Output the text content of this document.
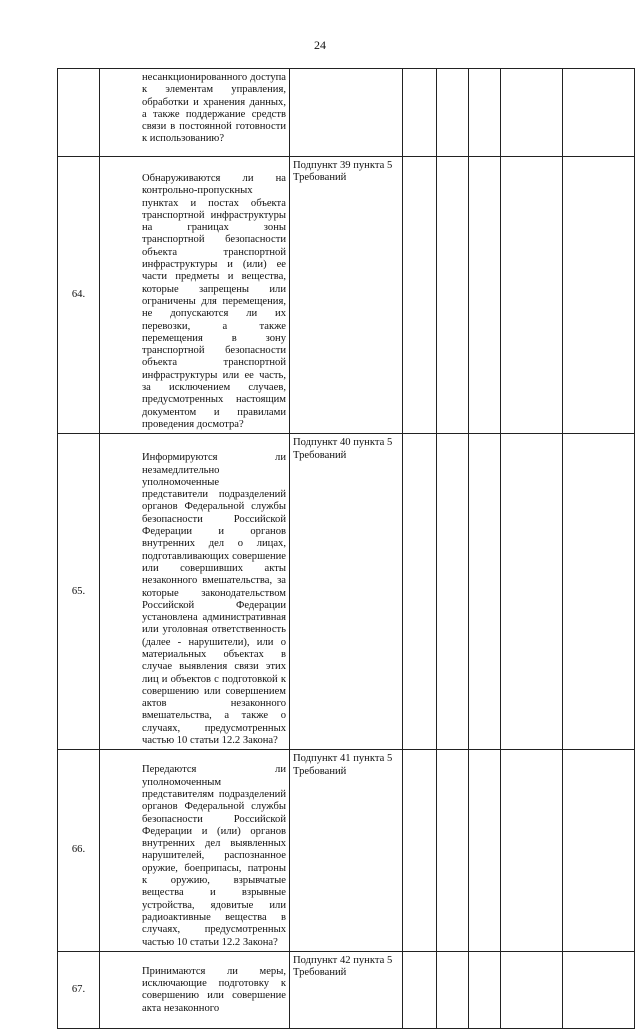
24
	несанкционированного доступа к элементам управления, обработки и хранения данных, а также поддержание средств связи в постоянной готовности к использованию?						
64.	Обнаруживаются ли на контрольно-пропускных пунктах и постах объекта транспортной инфраструктуры на границах зоны транспортной безопасности объекта транспортной инфраструктуры и (или) ее части предметы и вещества, которые запрещены или ограничены для перемещения, не допускаются ли их перевозки, а также перемещения в зону транспортной безопасности объекта транспортной инфраструктуры или ее часть, за исключением случаев, предусмотренных настоящим документом и правилами проведения досмотра?	Подпункт 39 пункта 5 Требований					
65.	Информируются ли незамедлительно уполномоченные представители подразделений органов Федеральной службы безопасности Российской Федерации и органов внутренних дел о лицах, подготавливающих совершение или совершивших акты незаконного вмешательства, за которые законодательством Российской Федерации установлена административная или уголовная ответственность (далее - нарушители), или о материальных объектах в случае выявления связи этих лиц и объектов с подготовкой к совершению или совершением актов незаконного вмешательства, а также о случаях, предусмотренных частью 10 статьи 12.2 Закона?	Подпункт 40 пункта 5 Требований					
66.	Передаются ли уполномоченным представителям подразделений органов Федеральной службы безопасности Российской Федерации и (или) органов внутренних дел выявленных нарушителей, распознанное оружие, боеприпасы, патроны к оружию, взрывчатые вещества и взрывные устройства, ядовитые или радиоактивные вещества в случаях, предусмотренных частью 10 статьи 12.2 Закона?	Подпункт 41 пункта 5 Требований					
67.	Принимаются ли меры, исключающие подготовку к совершению или совершение акта незаконного	Подпункт 42 пункта 5 Требований					
